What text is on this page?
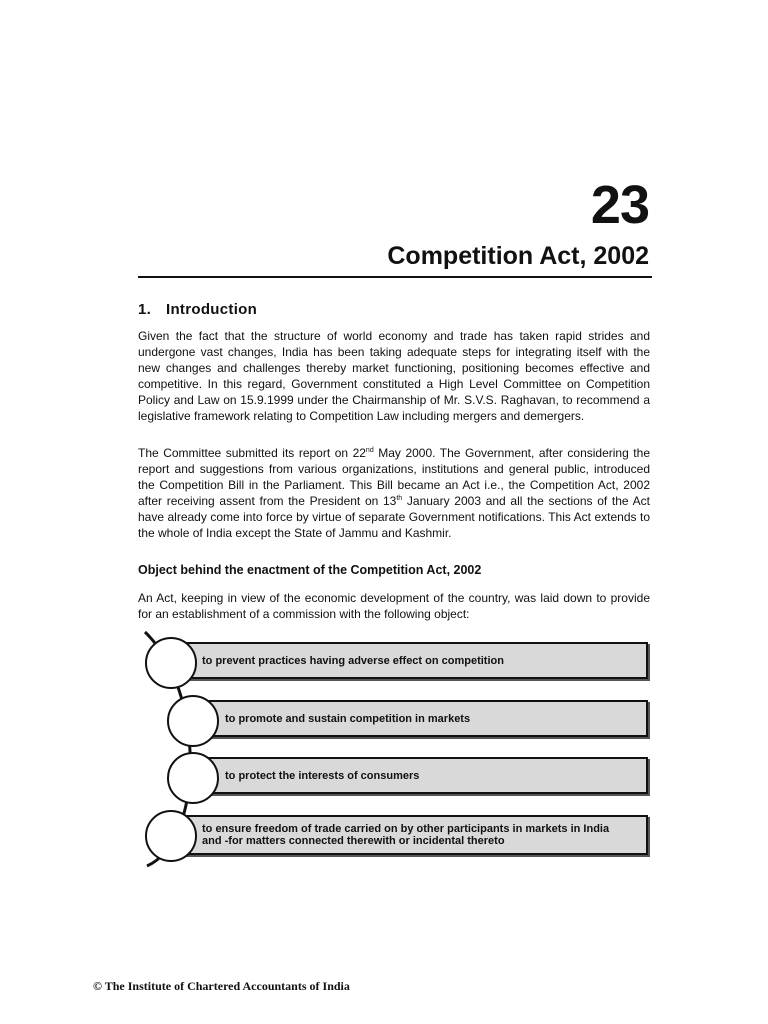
23
Competition Act, 2002
1. Introduction

Given the fact that the structure of world economy and trade has taken rapid strides and undergone vast changes, India has been taking adequate steps for integrating itself with the new changes and challenges thereby market functioning, positioning becomes effective and competitive. In this regard, Government constituted a High Level Committee on Competition Policy and Law on 15.9.1999 under the Chairmanship of Mr. S.V.S. Raghavan, to recommend a legislative framework relating to Competition Law including mergers and demergers.

The Committee submitted its report on 22nd May 2000. The Government, after considering the report and suggestions from various organizations, institutions and general public, introduced the Competition Bill in the Parliament. This Bill became an Act i.e., the Competition Act, 2002 after receiving assent from the President on 13th January 2003 and all the sections of the Act have already come into force by virtue of separate Government notifications. This Act extends to the whole of India except the State of Jammu and Kashmir.

Object behind the enactment of the Competition Act, 2002

An Act, keeping in view of the economic development of the country, was laid down to provide for an establishment of a commission with the following object:

to prevent practices having adverse effect on competition
to promote and sustain competition in markets
to protect the interests of consumers
to ensure freedom of trade carried on by other participants in markets in India
and -for matters connected therewith or incidental thereto
© The Institute of Chartered Accountants of India
